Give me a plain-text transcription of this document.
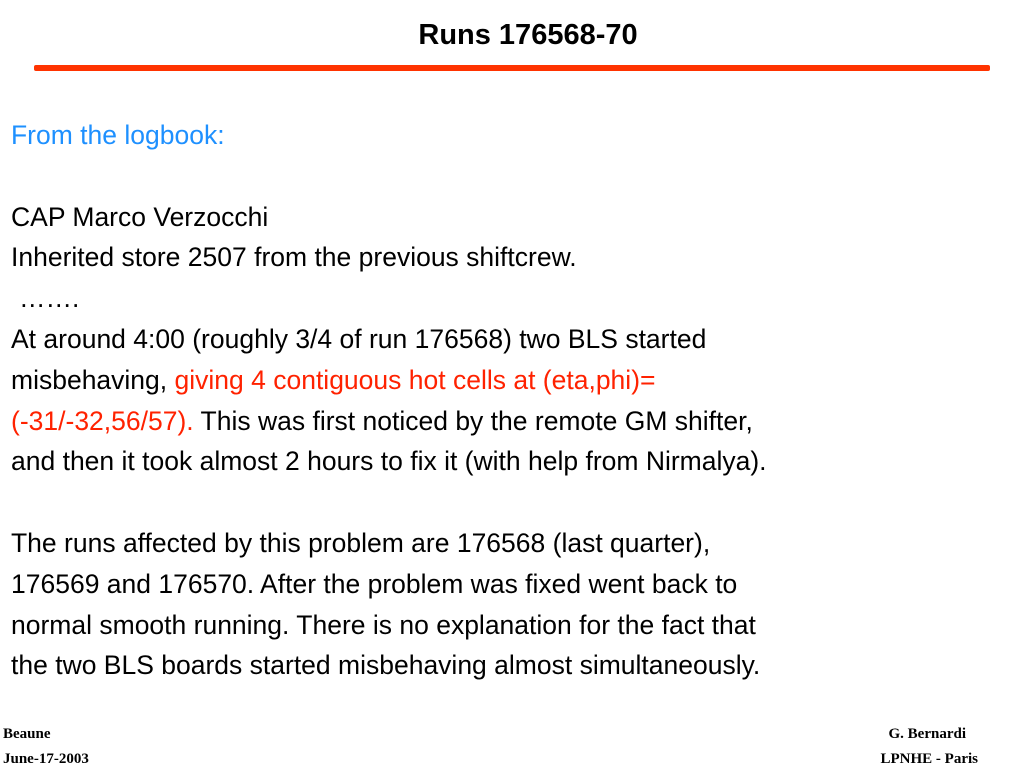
Runs 176568-70
From the logbook:
CAP Marco Verzocchi
Inherited store 2507 from the previous shiftcrew.
…….
At around 4:00 (roughly 3/4 of run 176568) two BLS started
misbehaving, giving 4 contiguous hot cells at (eta,phi)=
(-31/-32,56/57). This was first noticed by the remote GM shifter,
and then it took almost 2 hours to fix it (with help from Nirmalya).
The runs affected by this problem are 176568 (last quarter),
176569 and 176570. After the problem was fixed went back to
normal smooth running. There is no explanation for the fact that
the two BLS boards started misbehaving almost simultaneously.
Beaune
June-17-2003
G. Bernardi
LPNHE - Paris
